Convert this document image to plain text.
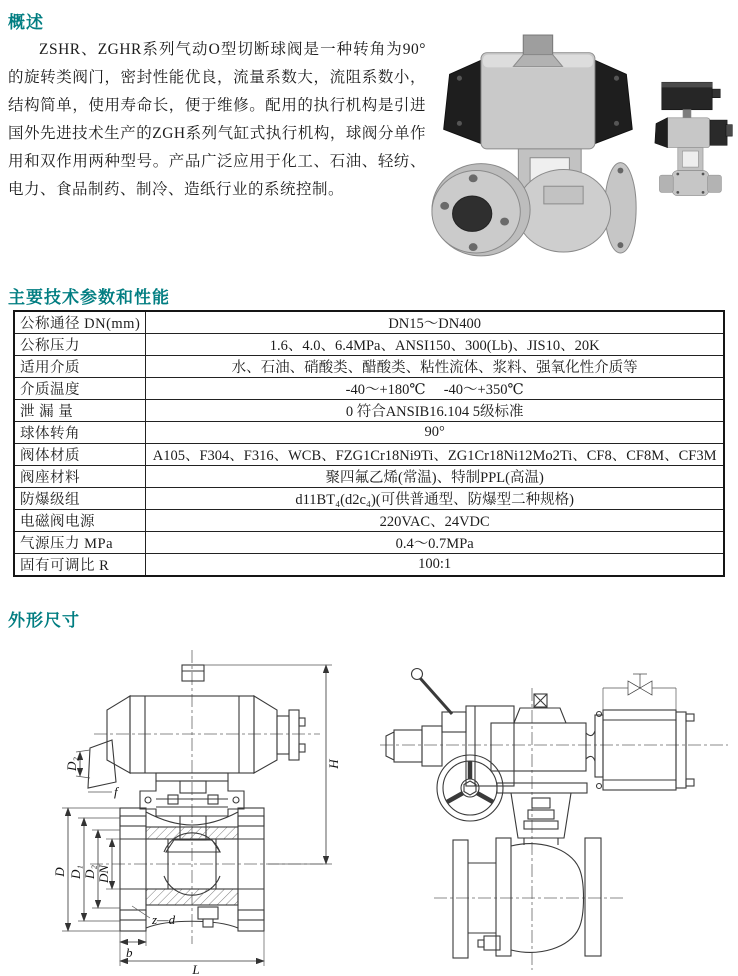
概述

ZSHR、ZGHR系列气动O型切断球阀是一种转角为90°的旋转类阀门，密封性能优良，流量系数大，流阻系数小，结构简单，使用寿命长，便于维修。配用的执行机构是引进国外先进技术生产的ZGH系列气缸式执行机构，球阀分单作用和双作用两种型号。产品广泛应用于化工、石油、轻纺、电力、食品制药、制冷、造纸行业的系统控制。

主要技术参数和性能
公称通径 DN(mm)	DN15～DN400
公称压力	1.6、4.0、6.4MPa、ANSI150、300(Lb)、JIS10、20K
适用介质	水、石油、硝酸类、醋酸类、粘性流体、浆料、强氧化性介质等
介质温度	-40～+180℃　 -40～+350℃
泄 漏 量	0 符合ANSIB16.104 5级标准
球体转角	90°
阀体材质	A105、F304、F316、WCB、FZG1Cr18Ni9Ti、ZG1Cr18Ni12Mo2Ti、CF8、CF8M、CF3M
阀座材料	聚四氟乙烯(常温)、特制PPL(高温)
防爆级组	d11BT₄(d2c₄)(可供普通型、防爆型二种规格)
电磁阀电源	220VAC、24VDC
气源压力 MPa	0.4～0.7MPa
固有可调比 R	100:1
外形尺寸
D₂
f
H
D D₁ D₂ DN
z—d
b
L
